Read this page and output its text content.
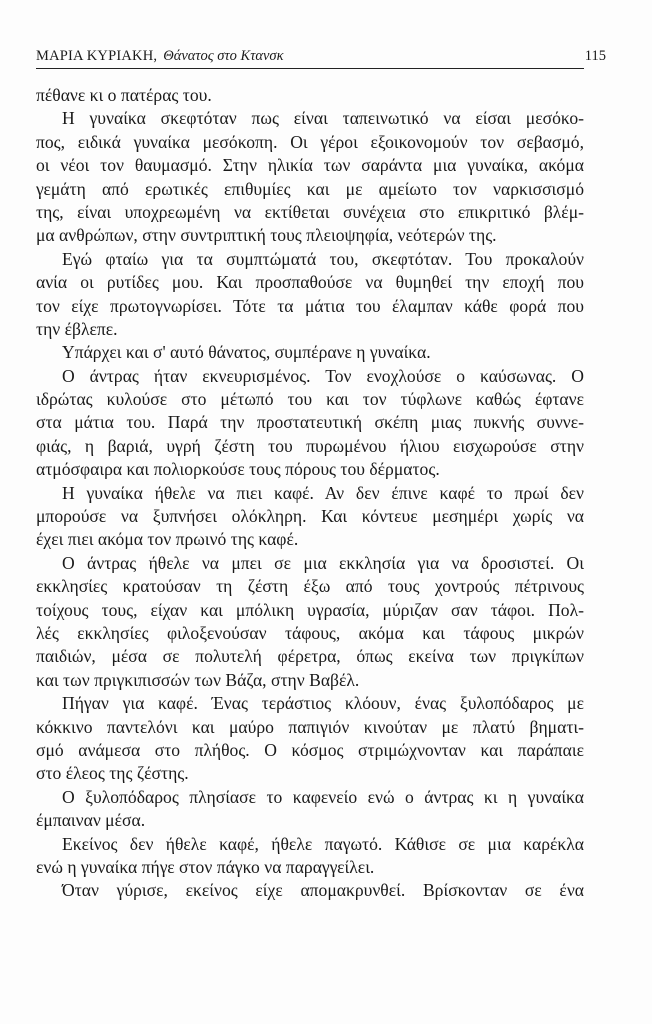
ΜΑΡΙΑ ΚΥΡΙΑΚΗ, Θάνατος στο Κτανσκ	115
πέθανε κι ο πατέρας του.
Η γυναίκα σκεφτόταν πως είναι ταπεινωτικό να είσαι μεσόκο-
πος, ειδικά γυναίκα μεσόκοπη. Οι γέροι εξοικονομούν τον σεβασμό,
οι νέοι τον θαυμασμό. Στην ηλικία των σαράντα μια γυναίκα, ακόμα
γεμάτη από ερωτικές επιθυμίες και με αμείωτο τον ναρκισσισμό
της, είναι υποχρεωμένη να εκτίθεται συνέχεια στο επικριτικό βλέμ-
μα ανθρώπων, στην συντριπτική τους πλειοψηφία, νεότερών της.
Εγώ φταίω για τα συμπτώματά του, σκεφτόταν. Του προκαλούν
ανία οι ρυτίδες μου. Και προσπαθούσε να θυμηθεί την εποχή που
τον είχε πρωτογνωρίσει. Τότε τα μάτια του έλαμπαν κάθε φορά που
την έβλεπε.
Υπάρχει και σ' αυτό θάνατος, συμπέρανε η γυναίκα.
Ο άντρας ήταν εκνευρισμένος. Τον ενοχλούσε ο καύσωνας. Ο
ιδρώτας κυλούσε στο μέτωπό του και τον τύφλωνε καθώς έφτανε
στα μάτια του. Παρά την προστατευτική σκέπη μιας πυκνής συννε-
φιάς, η βαριά, υγρή ζέστη του πυρωμένου ήλιου εισχωρούσε στην
ατμόσφαιρα και πολιορκούσε τους πόρους του δέρματος.
Η γυναίκα ήθελε να πιει καφέ. Αν δεν έπινε καφέ το πρωί δεν
μπορούσε να ξυπνήσει ολόκληρη. Και κόντευε μεσημέρι χωρίς να
έχει πιει ακόμα τον πρωινό της καφέ.
Ο άντρας ήθελε να μπει σε μια εκκλησία για να δροσιστεί. Οι
εκκλησίες κρατούσαν τη ζέστη έξω από τους χοντρούς πέτρινους
τοίχους τους, είχαν και μπόλικη υγρασία, μύριζαν σαν τάφοι. Πολ-
λές εκκλησίες φιλοξενούσαν τάφους, ακόμα και τάφους μικρών
παιδιών, μέσα σε πολυτελή φέρετρα, όπως εκείνα των πριγκίπων
και των πριγκιπισσών των Βάζα, στην Βαβέλ.
Πήγαν για καφέ. Ένας τεράστιος κλόουν, ένας ξυλοπόδαρος με
κόκκινο παντελόνι και μαύρο παπιγιόν κινούταν με πλατύ βηματι-
σμό ανάμεσα στο πλήθος. Ο κόσμος στριμώχνονταν και παράπαιε
στο έλεος της ζέστης.
Ο ξυλοπόδαρος πλησίασε το καφενείο ενώ ο άντρας κι η γυναίκα
έμπαιναν μέσα.
Εκείνος δεν ήθελε καφέ, ήθελε παγωτό. Κάθισε σε μια καρέκλα
ενώ η γυναίκα πήγε στον πάγκο να παραγγείλει.
Όταν γύρισε, εκείνος είχε απομακρυνθεί. Βρίσκονταν σε ένα
